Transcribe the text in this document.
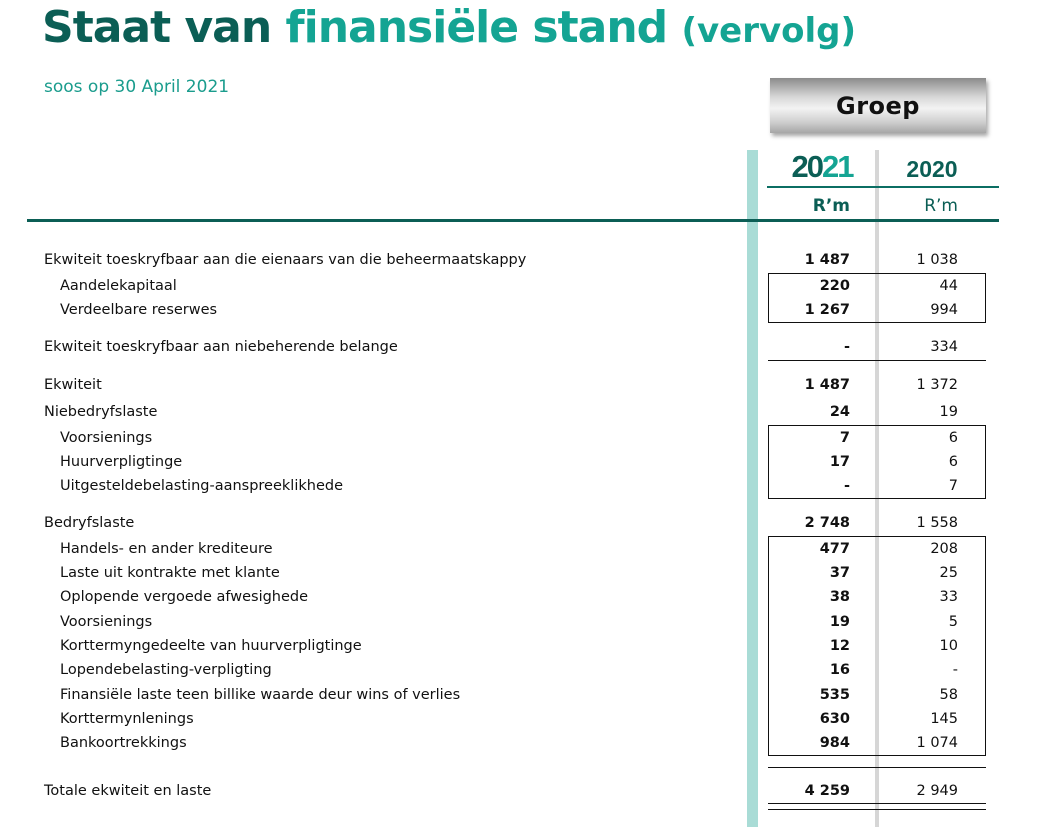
Staat van finansiële stand (vervolg)
soos op 30 April 2021
Groep
2021	2020
R’m	R’m
Ekwiteit toeskryfbaar aan die eienaars van die beheermaatskappy	1 487	1 038
Aandelekapitaal	220	44
Verdeelbare reserwes	1 267	994
Ekwiteit toeskryfbaar aan niebeherende belange	-	334
Ekwiteit	1 487	1 372
Niebedryfslaste	24	19
Voorsienings	7	6
Huurverpligtinge	17	6
Uitgesteldebelasting-aanspreeklikhede	-	7
Bedryfslaste	2 748	1 558
Handels- en ander krediteure	477	208
Laste uit kontrakte met klante	37	25
Oplopende vergoede afwesighede	38	33
Voorsienings	19	5
Korttermyngedeelte van huurverpligtinge	12	10
Lopendebelasting-verpligting	16	-
Finansiële laste teen billike waarde deur wins of verlies	535	58
Korttermynlenings	630	145
Bankoortrekkings	984	1 074
Totale ekwiteit en laste	4 259	2 949
